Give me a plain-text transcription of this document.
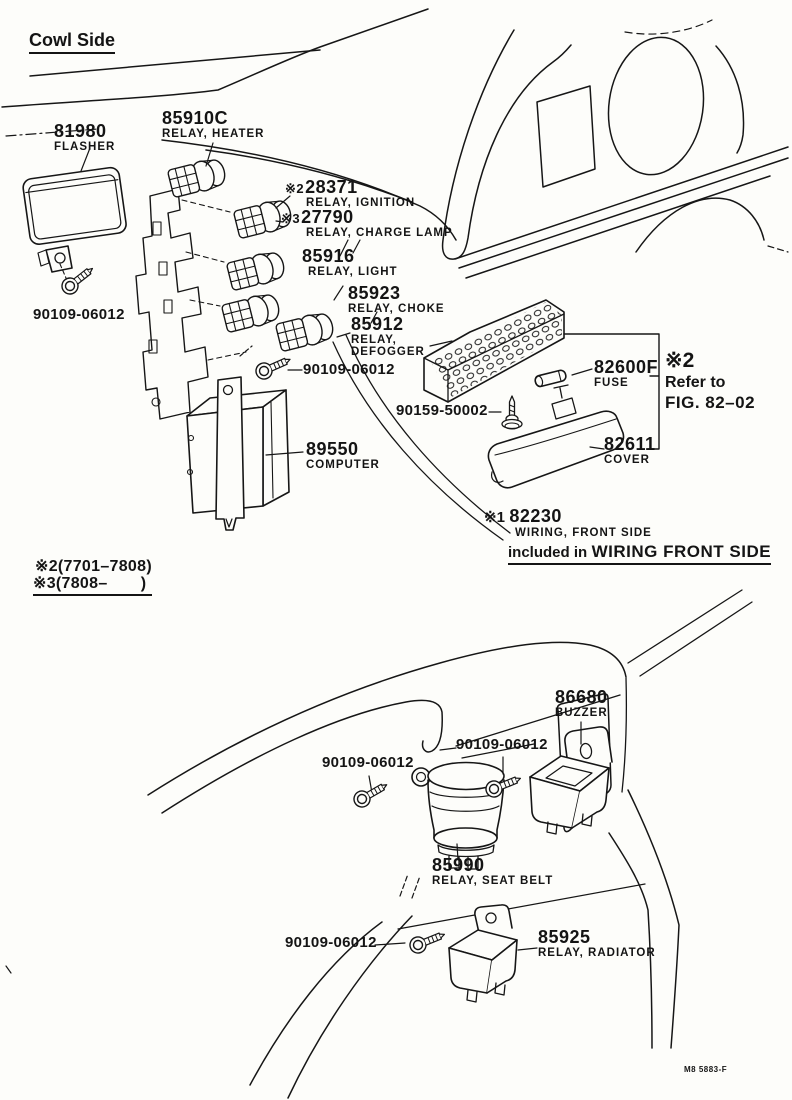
Cowl Side
81980
FLASHER
85910C
RELAY, HEATER
※228371
RELAY, IGNITION
※327790
RELAY, CHARGE LAMP
85916
RELAY, LIGHT
85923
RELAY, CHOKE
85912
RELAY,
DEFOGGER
90109-06012
90109-06012	82600F
FUSE
※2
Refer to
FIG. 82–02
90159-50002
82611
COVER
89550
COMPUTER
※1 82230
WIRING, FRONT SIDE
included in WIRING FRONT SIDE
※2(7701–7808)
※3(7808–       )
86680
BUZZER
90109-06012
90109-06012
85990
RELAY, SEAT BELT
90109-06012	85925
RELAY, RADIATOR
M8 5883-F
